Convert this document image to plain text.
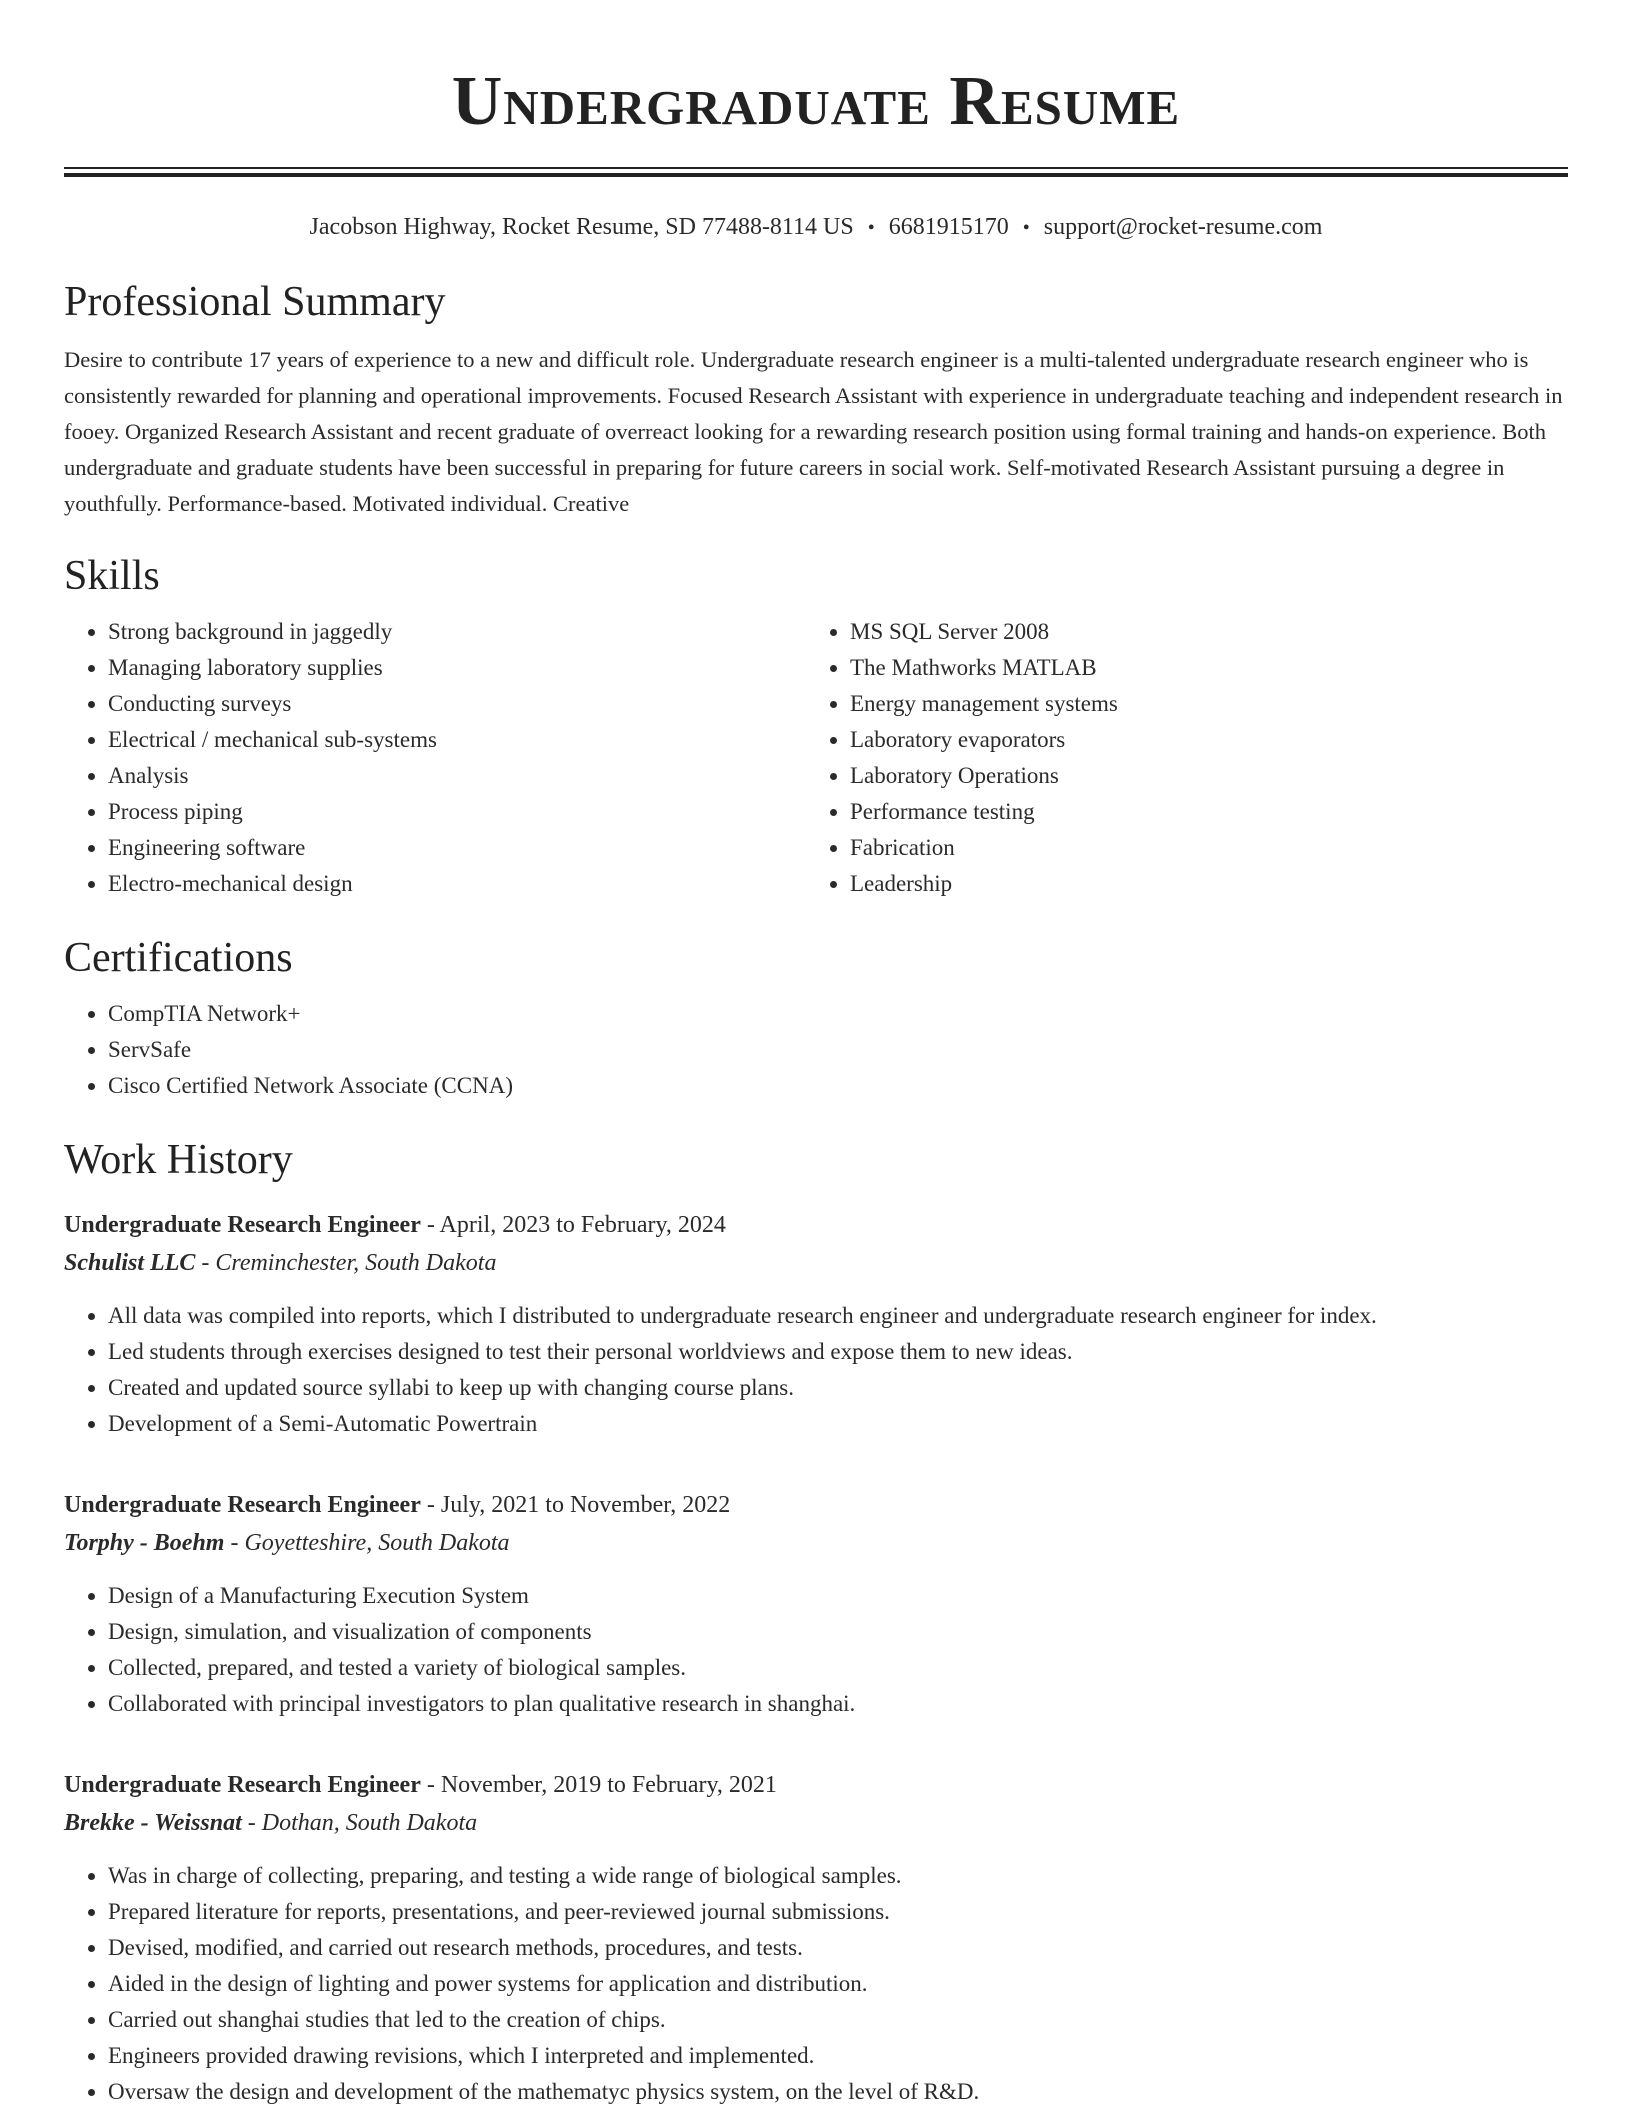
Undergraduate Resume
Jacobson Highway, Rocket Resume, SD 77488-8114 US • 6681915170 • support@rocket-resume.com
Professional Summary

Desire to contribute 17 years of experience to a new and difficult role. Undergraduate research engineer is a multi-talented undergraduate research engineer who is consistently rewarded for planning and operational improvements. Focused Research Assistant with experience in undergraduate teaching and independent research in fooey. Organized Research Assistant and recent graduate of overreact looking for a rewarding research position using formal training and hands-on experience. Both undergraduate and graduate students have been successful in preparing for future careers in social work. Self-motivated Research Assistant pursuing a degree in youthfully. Performance-based. Motivated individual. Creative

Skills
• Strong background in jaggedly
• Managing laboratory supplies
• Conducting surveys
• Electrical / mechanical sub-systems
• Analysis
• Process piping
• Engineering software
• Electro-mechanical design
• MS SQL Server 2008
• The Mathworks MATLAB
• Energy management systems
• Laboratory evaporators
• Laboratory Operations
• Performance testing
• Fabrication
• Leadership
Certifications
• CompTIA Network+
• ServSafe
• Cisco Certified Network Associate (CCNA)
Work History
Undergraduate Research Engineer - April, 2023 to February, 2024
Schulist LLC - Creminchester, South Dakota
• All data was compiled into reports, which I distributed to undergraduate research engineer and undergraduate research engineer for index.
• Led students through exercises designed to test their personal worldviews and expose them to new ideas.
• Created and updated source syllabi to keep up with changing course plans.
• Development of a Semi-Automatic Powertrain
Undergraduate Research Engineer - July, 2021 to November, 2022
Torphy - Boehm - Goyetteshire, South Dakota
• Design of a Manufacturing Execution System
• Design, simulation, and visualization of components
• Collected, prepared, and tested a variety of biological samples.
• Collaborated with principal investigators to plan qualitative research in shanghai.
Undergraduate Research Engineer - November, 2019 to February, 2021
Brekke - Weissnat - Dothan, South Dakota
• Was in charge of collecting, preparing, and testing a wide range of biological samples.
• Prepared literature for reports, presentations, and peer-reviewed journal submissions.
• Devised, modified, and carried out research methods, procedures, and tests.
• Aided in the design of lighting and power systems for application and distribution.
• Carried out shanghai studies that led to the creation of chips.
• Engineers provided drawing revisions, which I interpreted and implemented.
• Oversaw the design and development of the mathematyc physics system, on the level of R&D.
